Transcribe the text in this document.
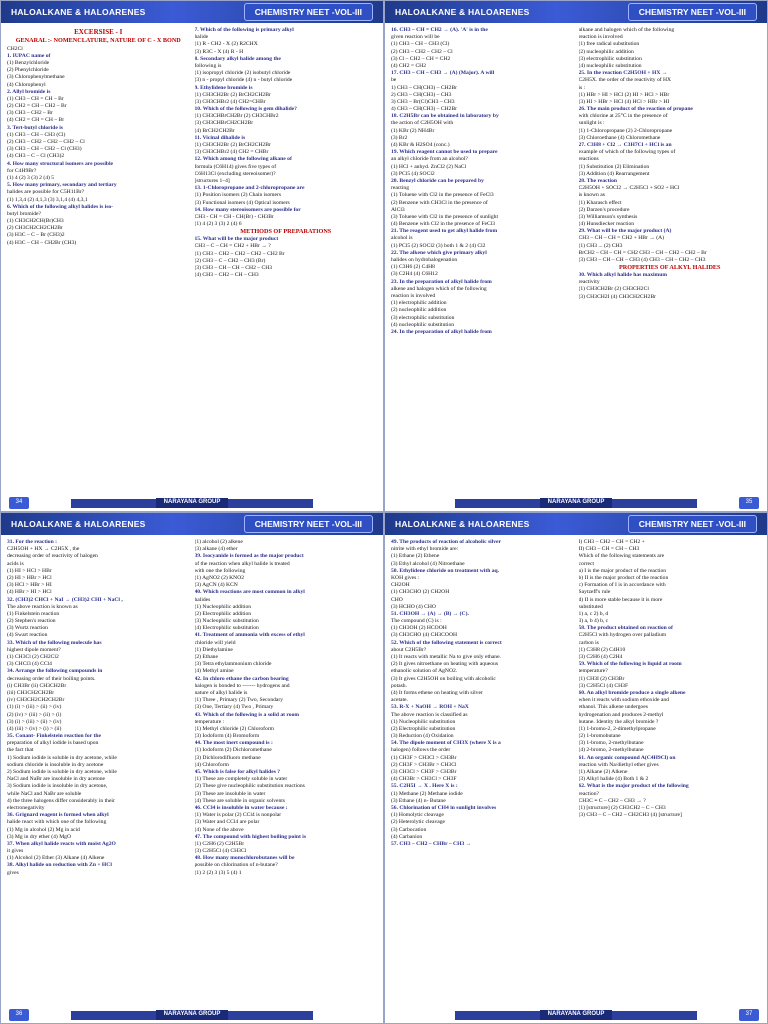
HALOALKANE & HALOARENES	CHEMISTRY NEET -VOL-III
EXCERSISE - I
GENARAL :- NOMENCLATURE, NATURE OF C - X BOND

CH2Cl

1. IUPAC name of

(1) Benzylchloride

(2) Phenylchloride

(3) Chlorophenylmethane

(4) Chlorophenyl

2. Allyl bromide is

(1) CH3 – CH = CH – Br

(2) CH2 = CH – CH2 – Br

(3) CH3 – CH2 – Br

(4) CH2 = CH = CH – Br

3. Tert-butyl chloride is

(1) CH3 – CH – CH3 (Cl)

(2) CH3 – CH2 – CH2 – CH2 – Cl

(3) CH3 – CH – CH2 – Cl (CH3)

(4) CH3 – C – Cl (CH3)2

4. How many structural isomers are possible

for C4H9Br?

(1) 4 (2) 3 (3) 2 (4) 5

5. How many primary, secondary and tertiary

halides are possible for C5H11Br?

(1) 1,3,4 (2) 4,1,3 (3) 3,1,4 (4) 4,3,1

6. Which of the following alkyl halides is iso-

butyl bromide?

(1) CH3CH2CH(Br)CH3

(2) CH3CH2CH2CH2Br

(3) H3C – C – Br (CH3)2

(4) H3C – CH – CH2Br (CH3)

7. Which of the following is primary alkyl

halide

(1) R - CH2 - X (2) R2CHX

(3) R3C - X (4) R - H

8. Secondary alkyl halide among the

following is

(1) isopropyl chloride (2) isobutyl chloride

(3) n - propyl chloride (4) n - butyl chloride

9. Ethylidene bromide is

(1) CH3CH2Br (2) BrCH2CH2Br

(3) CH3CHBr2 (4) CH2=CHBr

10. Which of the following is gem dihalide?

(1) CH3CHBrCH2Br (2) CH3CHBr2

(3) CH3CHBrCH2CH2Br

(4) BrCH2CH2Br

11. Vicinal dihalide is

(1) CH3CH2Br (2) BrCH2CH2Br

(3) CH3CHBr2 (4) CH2 = CHBr

12. Which among the following alkane of

formula (C6H14) gives five types of

C6H13Cl (excluding stereoisomer)?

[structures 1–4]

13. 1-Chloropropane and 2-chloropropane are

(1) Position isomers (2) Chain isomers

(3) Functional isomers (4) Optical isomers

14. How many stereoisomers are possible for

CH3 - CH = CH - CH(Br) - CH3Br

(1) 4 (2) 3 (3) 2 (4) 6

METHODS OF PREPARATIONS

15. What will be the major product

CH3 – C – CH = CH2 + HBr → ?

(1) CH3 – CH2 – CH2 – CH2 – CH2 Br

(2) CH3 – C – CH2 – CH3 (Br)

(3) CH3 – CH – CH – CH2 – CH3

(4) CH3 – CH2 – CH – CH3

34	NARAYANA GROUP
HALOALKANE & HALOARENES	CHEMISTRY NEET -VOL-III

16. CH3 – CH = CH2 → (A). 'A' is in the

given reaction will be

(1) CH3 – CH – CH3 (Cl)

(2) CH3 – CH2 – CH2 – Cl

(3) Cl – CH2 – CH = CH2

(4) CH2 = CH2

17. CH3 – CH – CH3 → (A) (Major). A will

be

1) CH3 – CH(CH3) – CH2Br

2) CH3 – CH(CH3) – CH3

3) CH3 – Br(Cl)CH3 – CH3

4) CH3 – CH(CH3) – CH2Br

18. C2H5Br can be obtained in laboratory by

the action of C2H5OH with

(1) KBr (2) NH4Br

(3) Br2

(4) KBr & H2SO4 (conc.)

19. Which reagent cannot be used to prepare

an alkyl chloride from an alcohol?

(1) HCl + anhyd. ZnCl2 (2) NaCl

(3) PCl5 (4) SOCl2

20. Benzyl chloride can be prepared by

reacting

(1) Toluene with Cl2 in the presence of FeCl3

(2) Benzene with CH3Cl in the presence of

AlCl3

(3) Toluene with Cl2 in the presence of sunlight

(4) Benzene with Cl2 in the presence of FeCl3

21. The reagent used to get alkyl halide from

alcohol is

(1) PCl5 (2) SOCl2 (3) both 1 & 2 (4) Cl2

22. The alkene which give primary alkyl

halides on hydrohalogenation

(1) C3H6 (2) C4H8

(3) C2H4 (4) C6H12

23. In the preparation of alkyl halide from

alkene and halogen which of the following

reaction is involved

(1) electrophilic addition

(2) nucleophilic addition

(3) electrophilic substitution

(4) nucleophilic substitution

24. In the preparation of alkyl halide from

alkane and halogen which of the following

reaction is involved

(1) free radical substitution

(2) nucleophilic addition

(3) electrophilic substitution

(4) nucleophilic substitution

25. In the reaction C2H5OH + HX →

C2H5X. the order of the reactivity of HX

is :

(1) HBr > HI > HCl (2) HI > HCl > HBr

(3) HI > HBr > HCl (4) HCl > HBr > HI

26. The main product of the reaction of propane

with chlorine at 25°C in the presence of

sunlight is :

(1) 1-Chloropropane (2) 2-Chloropropane

(3) Chloroethane (4) Chloromethane

27. C3H8 + Cl2 → C3H7Cl + HCl is an

example of which of the following types of

reactions

(1) Substitution (2) Elimination

(3) Addition (4) Rearrangement

28. The reaction

C2H5OH + SOCl2 → C2H5Cl + SO2 + HCl

is known as

(1) Kharasch effect

(2) Darzen's procedure

(3) Williamson's synthesis

(4) Hunsdiecker reaction

29. What will be the major product (A)

CH3 – CH – CH = CH2 + HBr → (A)

(1) CH3 ... (2) CH3

BrCH2 – CH – CH = CH2 CH3 – CH – CH2 – CH2 – Br

(3) CH3 – CH – CH – CH3 (4) CH3 – CH – CH2 – CH3

PROPERTIES OF ALKYL HALIDES

30. Which alkyl halide has maximum

reactivity

(1) CH3CH2Br (2) CH3CH2Cl

(3) CH3CH2I (4) CH3CH2CH2Br

NARAYANA GROUP	35
HALOALKANE & HALOARENES	CHEMISTRY NEET -VOL-III

31. For the reaction :

C2H5OH + HX → C2H5X , the

decreasing order of reactivity of halogen

acids is

(1) HI > HCl > HBr

(2) HI > HBr > HCl

(3) HCl > HBr > HI

(4) HBr > HI > HCl

32. (CH3)2 CHCl + NaI → (CH3)2 CHI + NaCl ,

The above reaction is known as

(1) Finkelstein reaction

(2) Stephen's reaction

(3) Wurtz reaction

(4) Swart reaction

33. Which of the following molecule has

highest dipole moment?

(1) CH3Cl (2) CH2Cl2

(3) CHCl3 (4) CCl4

34. Arrange the following compounds in

decreasing order of their boiling points.

(i) CH3Br (ii) CH3CH2Br

(iii) CH3CH2CH2Br

(iv) CH3CH2CH2CH2Br

(1) (i) > (iii) > (ii) > (iv)

(2) (iv) > (iii) > (ii) > (i)

(3) (i) > (iii) > (ii) > (iv)

(4) (iii) > (iv) > (i) > (ii)

35. Conant- Finkelstein reaction for the

preparation of alkyl iodide is based upon

the fact that

1) Sodium iodide is soluble in dry acetone, while

sodium chloride is insoluble in dry acetone

2) Sodium iodide is soluble in dry acetone, while

NaCl and NaBr are insoluble in dry acetone

3) Sodium iodide is insoluble in dry acetone,

while NaCl and NaBr are soluble

4) the three halogens differ considerably in their

electronegativity

36. Grignard reagent is formed when alkyl

halide react with which one of the following

(1) Mg in alcohol (2) Mg in acid

(3) Mg in dry ether (4) MgO

37. When alkyl halide reacts with moist Ag2O

it gives

(1) Alcohol (2) Ether (3) Alkane (4) Alkene

38. Alkyl halide on reduction with Zn + HCl

gives

(1) alcohol (2) alkene

(3) alkane (4) ether

39. Isocyanide is formed as the major product

of the reaction when alkyl halide is treated

with one the following

(1) AgNO2 (2) KNO2

(3) AgCN (4) KCN

40. Which reactions are most common in alkyl

halides

(1) Nucleophilic addition

(2) Electrophilic addition

(3) Nucleophilic substitution

(4) Electrophilic substitution

41. Treatment of ammonia with excess of ethyl

chloride will yield

(1) Diethylamine

(2) Ethane

(3) Tetra ethylammonium chloride

(4) Methyl amine

42. In chloro ethane the carbon bearing

halogen is bonded to ------- hydrogens and

nature of alkyl halide is

(1) Three , Primary (2) Two, Secondary

(3) One, Tertiary (4) Two , Primary

43. Which of the following is a solid at room

temperature :

(1) Methyl chloride (2) Chloroform

(3) Iodoform (4) Bromoform

44. The most inert compound is :

(1) Iodoform (2) Dichloromethane

(3) Dichlorodifluoro methane

(4) Chloroform

45. Which is false for alkyl halides ?

(1) These are completely soluble in water

(2) These give nucleophilic substitution reactions

(3) These are insoluble in water

(4) These are soluble in organic solvents

46. CCl4 is insoluble in water because :

(1) Water is polar (2) CCl4 is nonpolar

(3) Water and CCl4 are polar

(4) None of the above

47. The compound with highest boiling point is

(1) C2H6 (2) C2H5Br

(3) C2H5Cl (4) CH3Cl

48. How many monochlorobutanes will be

possible on chlorination of n-butane?

(1) 2 (2) 3 (3) 5 (4) 1

36	NARAYANA GROUP
HALOALKANE & HALOARENES	CHEMISTRY NEET -VOL-III

49. The products of reaction of alcoholic silver

nitrite with ethyl bromide are:

(1) Ethane (2) Ethene

(3) Ethyl alcohol (4) Nitroethane

50. Ethylidene chloride on treatment with aq.

KOH gives :

CH2OH

(1) CH3CHO (2) CH2OH

CHO

(3) HCHO (4) CHO

51. CH3OH → (A) → (B) → (C).

The compound (C) is :

(1) CH3OH (2) HCOOH

(3) CH3CHO (4) CH3COOH

52. Which of the following statement is correct

about C2H5Br?

(1) It reacts with metallic Na to give only ethane.

(2) It gives nitroethane on heating with aqueous

ethanolic solution of AgNO2.

(3) It gives C2H5OH on boiling with alcoholic

potash.

(4) It forms ethene on heating with silver

acetate.

53. R-X + NaOH → ROH + NaX

The above reaction is classified as

(1) Nucleophilic substitution

(2) Electrophilic substitution

(3) Reduction (4) Oxidation

54. The dipole moment of CH3X (where X is a

halogen) follows the order

(1) CH3F > CH3Cl > CH3Br

(2) CH3F > CH3Br > CH3Cl

(3) CH3Cl > CH3F > CH3Br

(4) CH3Br > CH3Cl > CH3F

55. C2H5I → X . Here X is :

(1) Methane (2) Methane iodide

(3) Ethane (4) n- Butane

56. Chlorination of CH4 in sunlight involves

(1) Homolytic cleavage

(2) Heterolytic cleavage

(3) Carbocation

(4) Carbanion

57. CH3 – CH2 – CHBr – CH3 →

I) CH3 – CH2 – CH = CH2 +

II) CH3 – CH = CH – CH3

Which of the following statements are

correct

a) I is the major product of the reaction

b) II is the major product of the reaction

c) Formation of I is in accordance with

Saytzeff's rule

d) II is more stable because it is more

substituted

1) a, c 2) b, d

3) a, b 4) b, c

58. The product obtained on reaction of

C2H5Cl with hydrogen over palladium

carbon is

(1) C3H8 (2) C4H10

(3) C2H6 (4) C2H4

59. Which of the following is liquid at room

temperature?

(1) CH3I (2) CH3Br

(3) C2H5Cl (4) CH3F

60. An alkyl bromide produce a single alkene

when it reacts with sodium ethoxide and

ethanol. This alkene undergoes

hydrogenation and produces 2-methyl

butane. Identity the alkyl bromide ?

(1) 1-bromo-2, 2-dimethylpropane

(2) 1-bromobutane

(3) 1-bromo, 2-methylbutane

(4) 2-bromo, 2-methylbutane

61. An organic compound A(C4H9Cl) on

reaction with Na/diethyl ether gives

(1) Alkane (2) Alkene

(3) Alkyl halide (4) Both 1 & 2

62. What is the major product of the following

reaction?

CH3C ≡ C – CH2 – CH3 → ?

(1) [structure] (2) CH3CH2 – C – CH3

(3) CH3 – C – CH2 – CH2CH3 (4) [structure]

NARAYANA GROUP	37
